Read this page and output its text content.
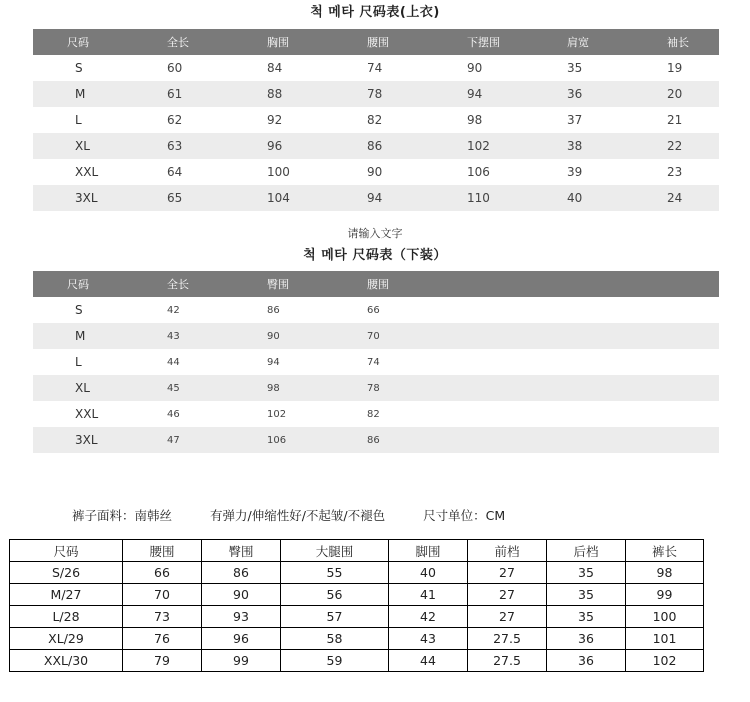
척 메타 尺码表(上衣)
尺码	全长	胸围	腰围	下摆围	肩宽	袖长
S	60	84	74	90	35	19
M	61	88	78	94	36	20
L	62	92	82	98	37	21
XL	63	96	86	102	38	22
XXL	64	100	90	106	39	23
3XL	65	104	94	110	40	24
请输入文字
척 메타 尺码表（下装）
尺码	全长	臀围	腰围
S	42	86	66
M	43	90	70
L	44	94	74
XL	45	98	78
XXL	46	102	82
3XL	47	106	86
裤子面料：南韩丝	有弹力/伸缩性好/不起皱/不褪色	尺寸单位：CM
尺码	腰围	臀围	大腿围	脚围	前档	后档	裤长
S/26	66	86	55	40	27	35	98
M/27	70	90	56	41	27	35	99
L/28	73	93	57	42	27	35	100
XL/29	76	96	58	43	27.5	36	101
XXL/30	79	99	59	44	27.5	36	102
